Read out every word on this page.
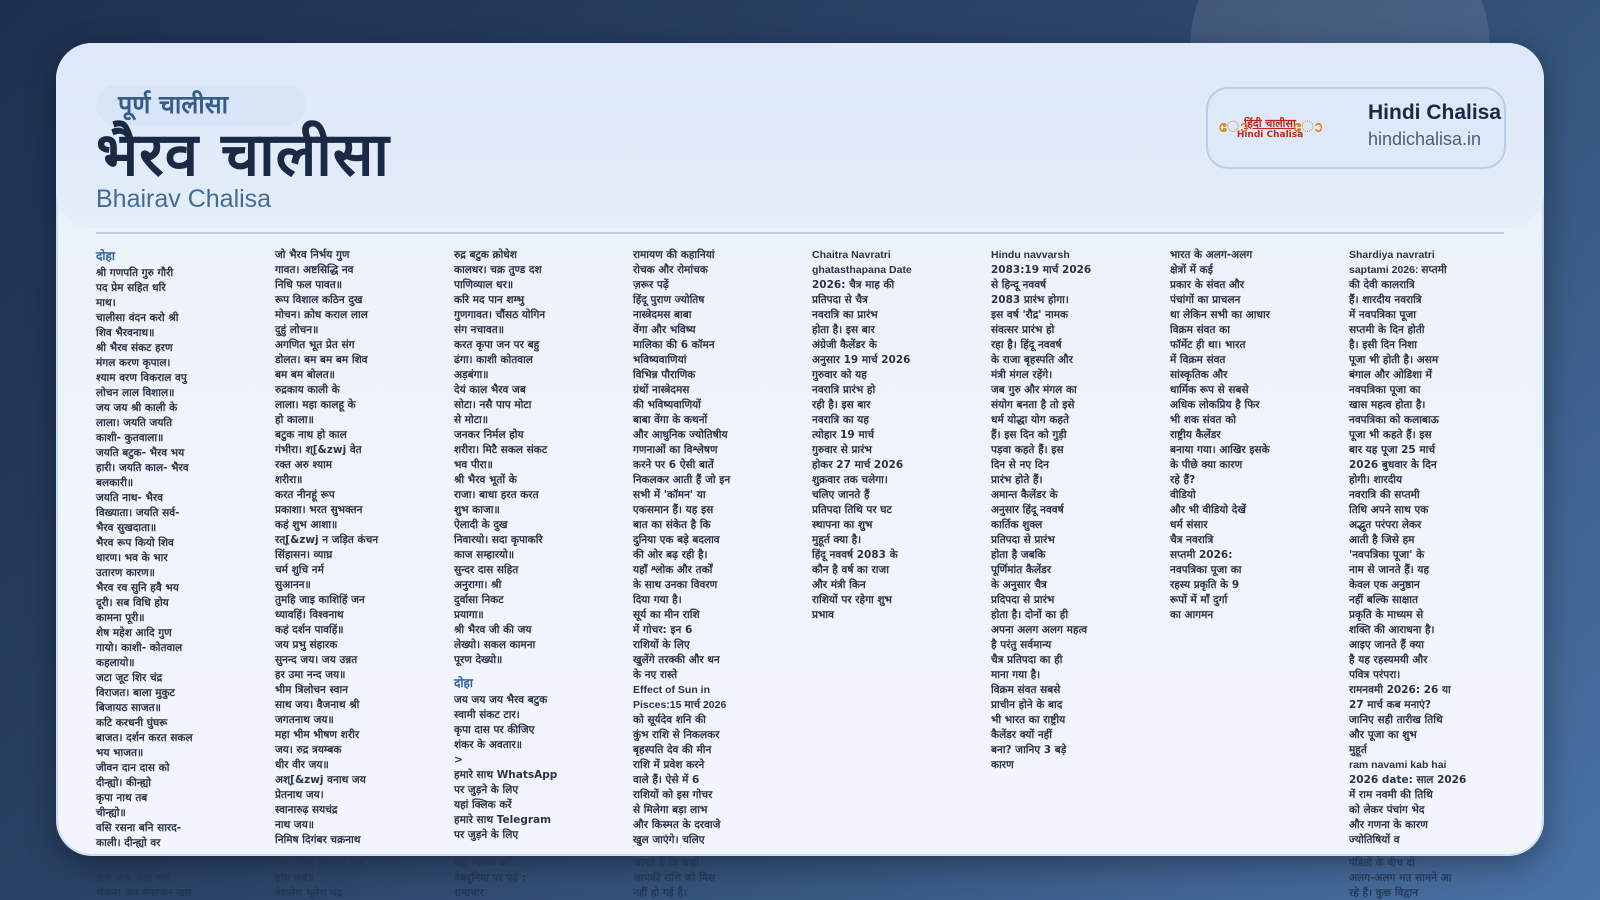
पूर्ण चालीसा
भैरव चालीसा
Bhairav Chalisa
ോ
हिंदी चालीसा
Hindi Chalisa
ോ
Hindi Chalisa
hindichalisa.in
दोहा
श्री गणपति गुरु गौरी
पद प्रेम सहित धरि
माथ।
चालीसा वंदन करो श्री
शिव भैरवनाथ॥
श्री भैरव संकट हरण
मंगल करण कृपाल।
श्याम वरण विकराल वपु
लोचन लाल विशाल॥
जय जय श्री काली के
लाला। जयति जयति
काशी- कुतवाला॥
जयति बटुक- भैरव भय
हारी। जयति काल- भैरव
बलकारी॥
जयति नाथ- भैरव
विख्याता। जयति सर्व-
भैरव सुखदाता॥
भैरव रूप कियो शिव
धारण। भव के भार
उतारण कारण॥
भैरव रव सुनि हवै भय
दूरी। सब विधि होय
कामना पूरी॥
शेष महेश आदि गुण
गायो। काशी- कोतवाल
कहलायो॥
जटा जूट शिर चंद्र
विराजत। बाला मुकुट
बिजायठ साजत॥
कटि करधनी घुंघरू
बाजत। दर्शन करत सकल
भय भाजत॥
जीवन दान दास को
दीन्ह्यो। कीन्ह्यो
कृपा नाथ तब
चीन्ह्यो॥
वसि रसना बनि सारद-
काली। दीन्ह्यो वर
जो भैरव निर्भय गुण
गावत। अष्टसिद्धि नव
निधि फल पावत॥
रूप विशाल कठिन दुख
मोचन। क्रोध कराल लाल
दुहुं लोचन॥
अगणित भूत प्रेत संग
डोलत। बम बम बम शिव
बम बम बोलत॥
रुद्रकाय काली के
लाला। महा कालहू के
हो काला॥
बटुक नाथ हो काल
गंभीरा। श्[&zwj वेत
रक्त अरु श्याम
शरीरा॥
करत नीनहूं रूप
प्रकाशा। भरत सुभक्तन
कहं शुभ आशा॥
रत्[&zwj न जड़ित कंचन
सिंहासन। व्याघ्र
चर्म शुचि नर्म
सुआनन॥
तुमहि जाइ काशिहिं जन
ध्यावहिं। विश्वनाथ
कहं दर्शन पावहिं॥
जय प्रभु संहारक
सुनन्द जय। जय उन्नत
हर उमा नन्द जय॥
भीम त्रिलोचन स्वान
साथ जय। वैजनाथ श्री
जगतनाथ जय॥
महा भीम भीषण शरीर
जय। रुद्र त्रयम्बक
धीर वीर जय॥
अश्[&zwj वनाथ जय
प्रेतनाथ जय।
स्वानारुढ़ सयचंद्र
नाथ जय॥
निमिष दिगंबर चक्रनाथ
रुद्र बटुक क्रोधेश
कालधर। चक्र तुण्ड दश
पाणिव्याल धर॥
करि मद पान शम्भु
गुणगावत। चौंसठ योगिन
संग नचावत॥
करत कृपा जन पर बहु
ढंगा। काशी कोतवाल
अड़बंगा॥
देयं काल भैरव जब
सोटा। नसै पाप मोटा
से मोटा॥
जनकर निर्मल होय
शरीरा। मिटै सकल संकट
भव पीरा॥
श्री भैरव भूतों के
राजा। बाधा हरत करत
शुभ काजा॥
ऐलादी के दुख
निवारयो। सदा कृपाकरि
काज सम्हारयो॥
सुन्दर दास सहित
अनुरागा। श्री
दुर्वासा निकट
प्रयागा॥
श्री भैरव जी की जय
लेख्यो। सकल कामना
पूरण देख्यो॥
दोहा
जय जय जय भैरव बटुक
स्वामी संकट टार।
कृपा दास पर कीजिए
शंकर के अवतार॥
>
हमारे साथ WhatsApp
पर जुड़ने के लिए
यहां क्लिक करें
हमारे साथ Telegram
पर जुड़ने के लिए
रामायण की कहानियां
रोचक और रोमांचक
ज़रूर पढ़ें
हिंदू पुराण ज्योतिष
नास्त्रेदमस बाबा
वेंगा और भविष्य
मालिका की 6 कॉमन
भविष्यवाणियां
विभिन्न पौराणिक
ग्रंथों नास्त्रेदमस
की भविष्यवाणियों
बाबा वेंगा के कथनों
और आधुनिक ज्योतिषीय
गणनाओं का विश्लेषण
करने पर 6 ऐसी बातें
निकलकर आती हैं जो इन
सभी में 'कॉमन' या
एकसमान हैं। यह इस
बात का संकेत है कि
दुनिया एक बड़े बदलाव
की ओर बढ़ रही है।
यहाँ श्लोक और तर्कों
के साथ उनका विवरण
दिया गया है।
सूर्य का मीन राशि
में गोचर: इन 6
राशियों के लिए
खुलेंगे तरक्की और धन
के नए रास्ते
Effect of Sun in
Pisces:15 मार्च 2026
को सूर्यदेव शनि की
कुंभ राशि से निकलकर
बृहस्पति देव की मीन
राशि में प्रवेश करने
वाले हैं। ऐसे में 6
राशियों को इस गोचर
से मिलेगा बड़ा लाभ
और किस्मत के दरवाजे
खुल जाएंगे। चलिए
Chaitra Navratri
ghatasthapana Date
2026: चैत्र माह की
प्रतिपदा से चैत्र
नवरात्रि का प्रारंभ
होता है। इस बार
अंग्रेजी कैलेंडर के
अनुसार 19 मार्च 2026
गुरुवार को यह
नवरात्रि प्रारंभ हो
रही है। इस बार
नवरात्रि का यह
त्योहार 19 मार्च
गुरुवार से प्रारंभ
होकर 27 मार्च 2026
शुक्रवार तक चलेगा।
चलिए जानते हैं
प्रतिपदा तिथि पर घट
स्थापना का शुभ
मुहूर्त क्या है।
हिंदू नववर्ष 2083 के
कौन है वर्ष का राजा
और मंत्री किन
राशियों पर रहेगा शुभ
प्रभाव
Hindu navvarsh
2083:19 मार्च 2026
से हिन्दू नववर्ष
2083 प्रारंभ होगा।
इस वर्ष 'रौद्र' नामक
संवत्सर प्रारंभ हो
रहा है। हिंदू नववर्ष
के राजा बृहस्पति और
मंत्री मंगल रहेंगे।
जब गुरु और मंगल का
संयोग बनता है तो इसे
धर्म योद्धा योग कहते
हैं। इस दिन को गुड़ी
पड़वा कहते हैं। इस
दिन से नए दिन
प्रारंभ होते हैं।
अमान्त कैलेंडर के
अनुसार हिंदू नववर्ष
कार्तिक शुक्ल
प्रतिपदा से प्रारंभ
होता है जबकि
पूर्णिमांत कैलेंडर
के अनुसार चैत्र
प्रदिपदा से प्रारंभ
होता है। दोनों का ही
अपना अलग अलग महत्व
है परंतु सर्वमान्य
चैत्र प्रतिपदा का ही
माना गया है।
विक्रम संवत सबसे
प्राचीन होने के बाद
भी भारत का राष्ट्रीय
कैलेंडर क्यों नहीं
बना? जानिए 3 बड़े
कारण
भारत के अलग-अलग
क्षेत्रों में कई
प्रकार के संवत और
पंचांगों का प्राचलन
था लेकिन सभी का आधार
विक्रम संवत का
फॉर्मेट ही था। भारत
में विक्रम संवत
सांस्कृतिक और
धार्मिक रूप से सबसे
अधिक लोकप्रिय है फिर
भी शक संवत को
राष्ट्रीय कैलेंडर
बनाया गया। आखिर इसके
के पीछे क्या कारण
रहे हैं?
वीडियो
और भी वीडियो देखें
धर्म संसार
चैत्र नवरात्रि
सप्तमी 2026:
नवपत्रिका पूजा का
रहस्य प्रकृति के 9
रूपों में माँ दुर्गा
का आगमन
Shardiya navratri
saptami 2026: सप्तमी
की देवी कालरात्रि
हैं। शारदीय नवरात्रि
में नवपत्रिका पूजा
सप्तमी के दिन होती
है। इसी दिन निशा
पूजा भी होती है। असम
बंगाल और ओडिशा में
नवपत्रिका पूजा का
खास महत्व होता है।
नवपत्रिका को कलाबाऊ
पूजा भी कहते हैं। इस
बार यह पूजा 25 मार्च
2026 बुधवार के दिन
होगी। शारदीय
नवरात्रि की सप्तमी
तिथि अपने साथ एक
अद्भुत परंपरा लेकर
आती है जिसे हम
'नवपत्रिका पूजा' के
नाम से जानते हैं। यह
केवल एक अनुष्ठान
नहीं बल्कि साक्षात
प्रकृति के माध्यम से
शक्ति की आराधना है।
आइए जानते हैं क्या
है यह रहस्यमयी और
पवित्र परंपरा।
रामनवमी 2026: 26 या
27 मार्च कब मनाएं?
जानिए सही तारीख तिथि
और पूजा का शुभ
मुहूर्त
ram navami kab hai
2026 date: साल 2026
में राम नवमी की तिथि
को लेकर पंचांग भेद
और गणना के कारण
ज्योतिषियों व
राख्यो मम लाली॥
धन्य धन्य भैरव भय
भंजन। जय मनरंजन खल
जय। गहत अनाथन नाथ
हाथ जय॥
त्रेशलेश भूतेश चंद्र
यहां क्लिक करें
वेबदुनिया पर पढ़ें :
समाचार
जानते हैं कि कहीं
आपकी राशि को मिस
नहीं हो गई है।
पंडितों के बीच दो
अलग-अलग मत सामने आ
रहे हैं। कुछ विद्वान
